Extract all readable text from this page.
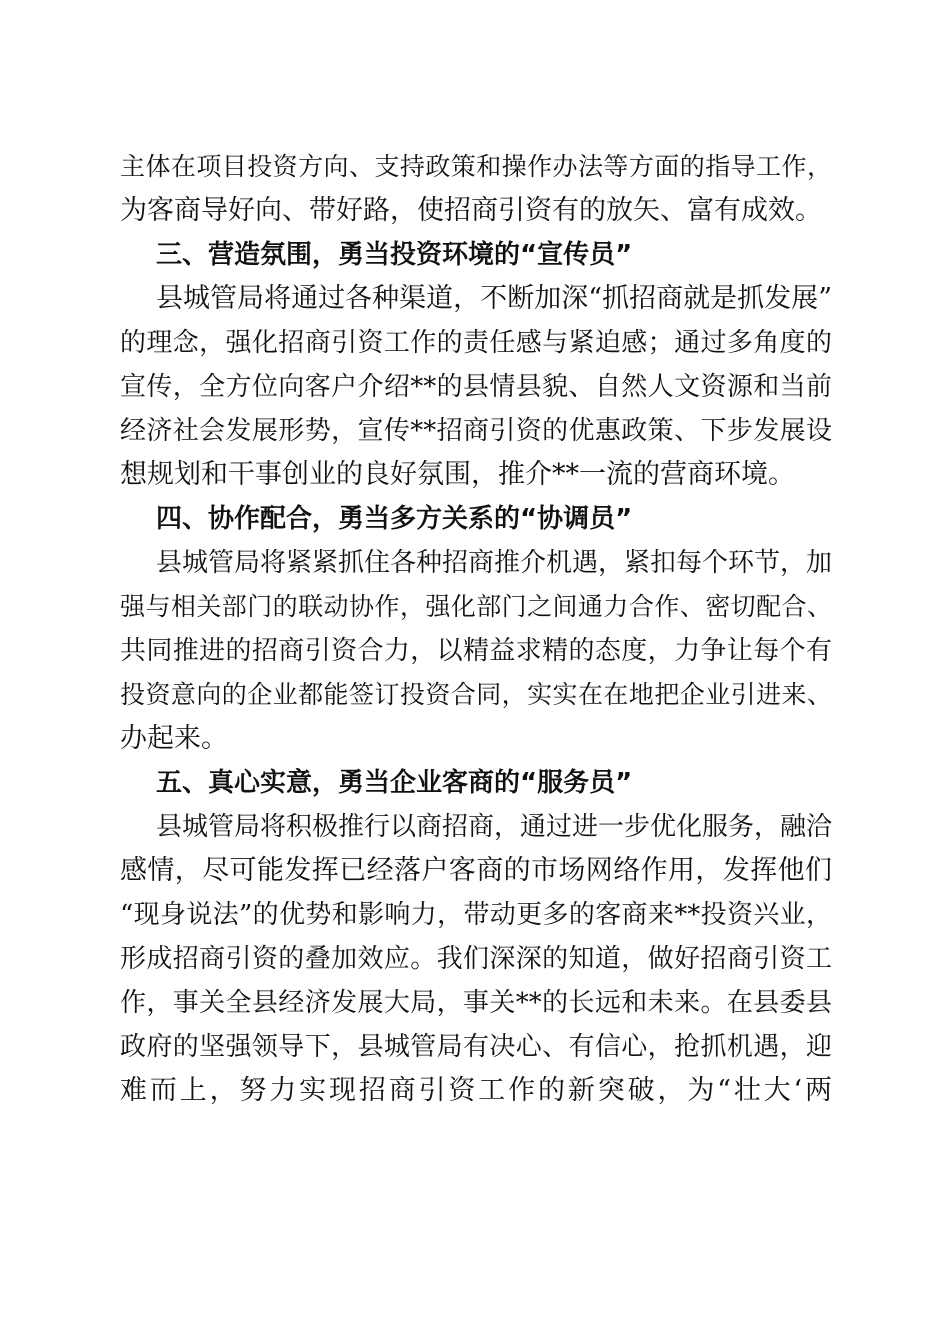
主体在项目投资方向、支持政策和操作办法等方面的指导工作，
为客商导好向、带好路，使招商引资有的放矢、富有成效。
三、营造氛围，勇当投资环境的“宣传员”
县城管局将通过各种渠道，不断加深“抓招商就是抓发展”
的理念，强化招商引资工作的责任感与紧迫感；通过多角度的
宣传，全方位向客户介绍**的县情县貌、自然人文资源和当前
经济社会发展形势，宣传**招商引资的优惠政策、下步发展设
想规划和干事创业的良好氛围，推介**一流的营商环境。
四、协作配合，勇当多方关系的“协调员”
县城管局将紧紧抓住各种招商推介机遇，紧扣每个环节，加
强与相关部门的联动协作，强化部门之间通力合作、密切配合、
共同推进的招商引资合力，以精益求精的态度，力争让每个有
投资意向的企业都能签订投资合同，实实在在地把企业引进来、
办起来。
五、真心实意，勇当企业客商的“服务员”
县城管局将积极推行以商招商，通过进一步优化服务，融洽
感情，尽可能发挥已经落户客商的市场网络作用，发挥他们
“现身说法”的优势和影响力，带动更多的客商来**投资兴业，
形成招商引资的叠加效应。我们深深的知道，做好招商引资工
作，事关全县经济发展大局，事关**的长远和未来。在县委县
政府的坚强领导下，县城管局有决心、有信心，抢抓机遇，迎
难而上，努力实现招商引资工作的新突破，为“壮大‘两
